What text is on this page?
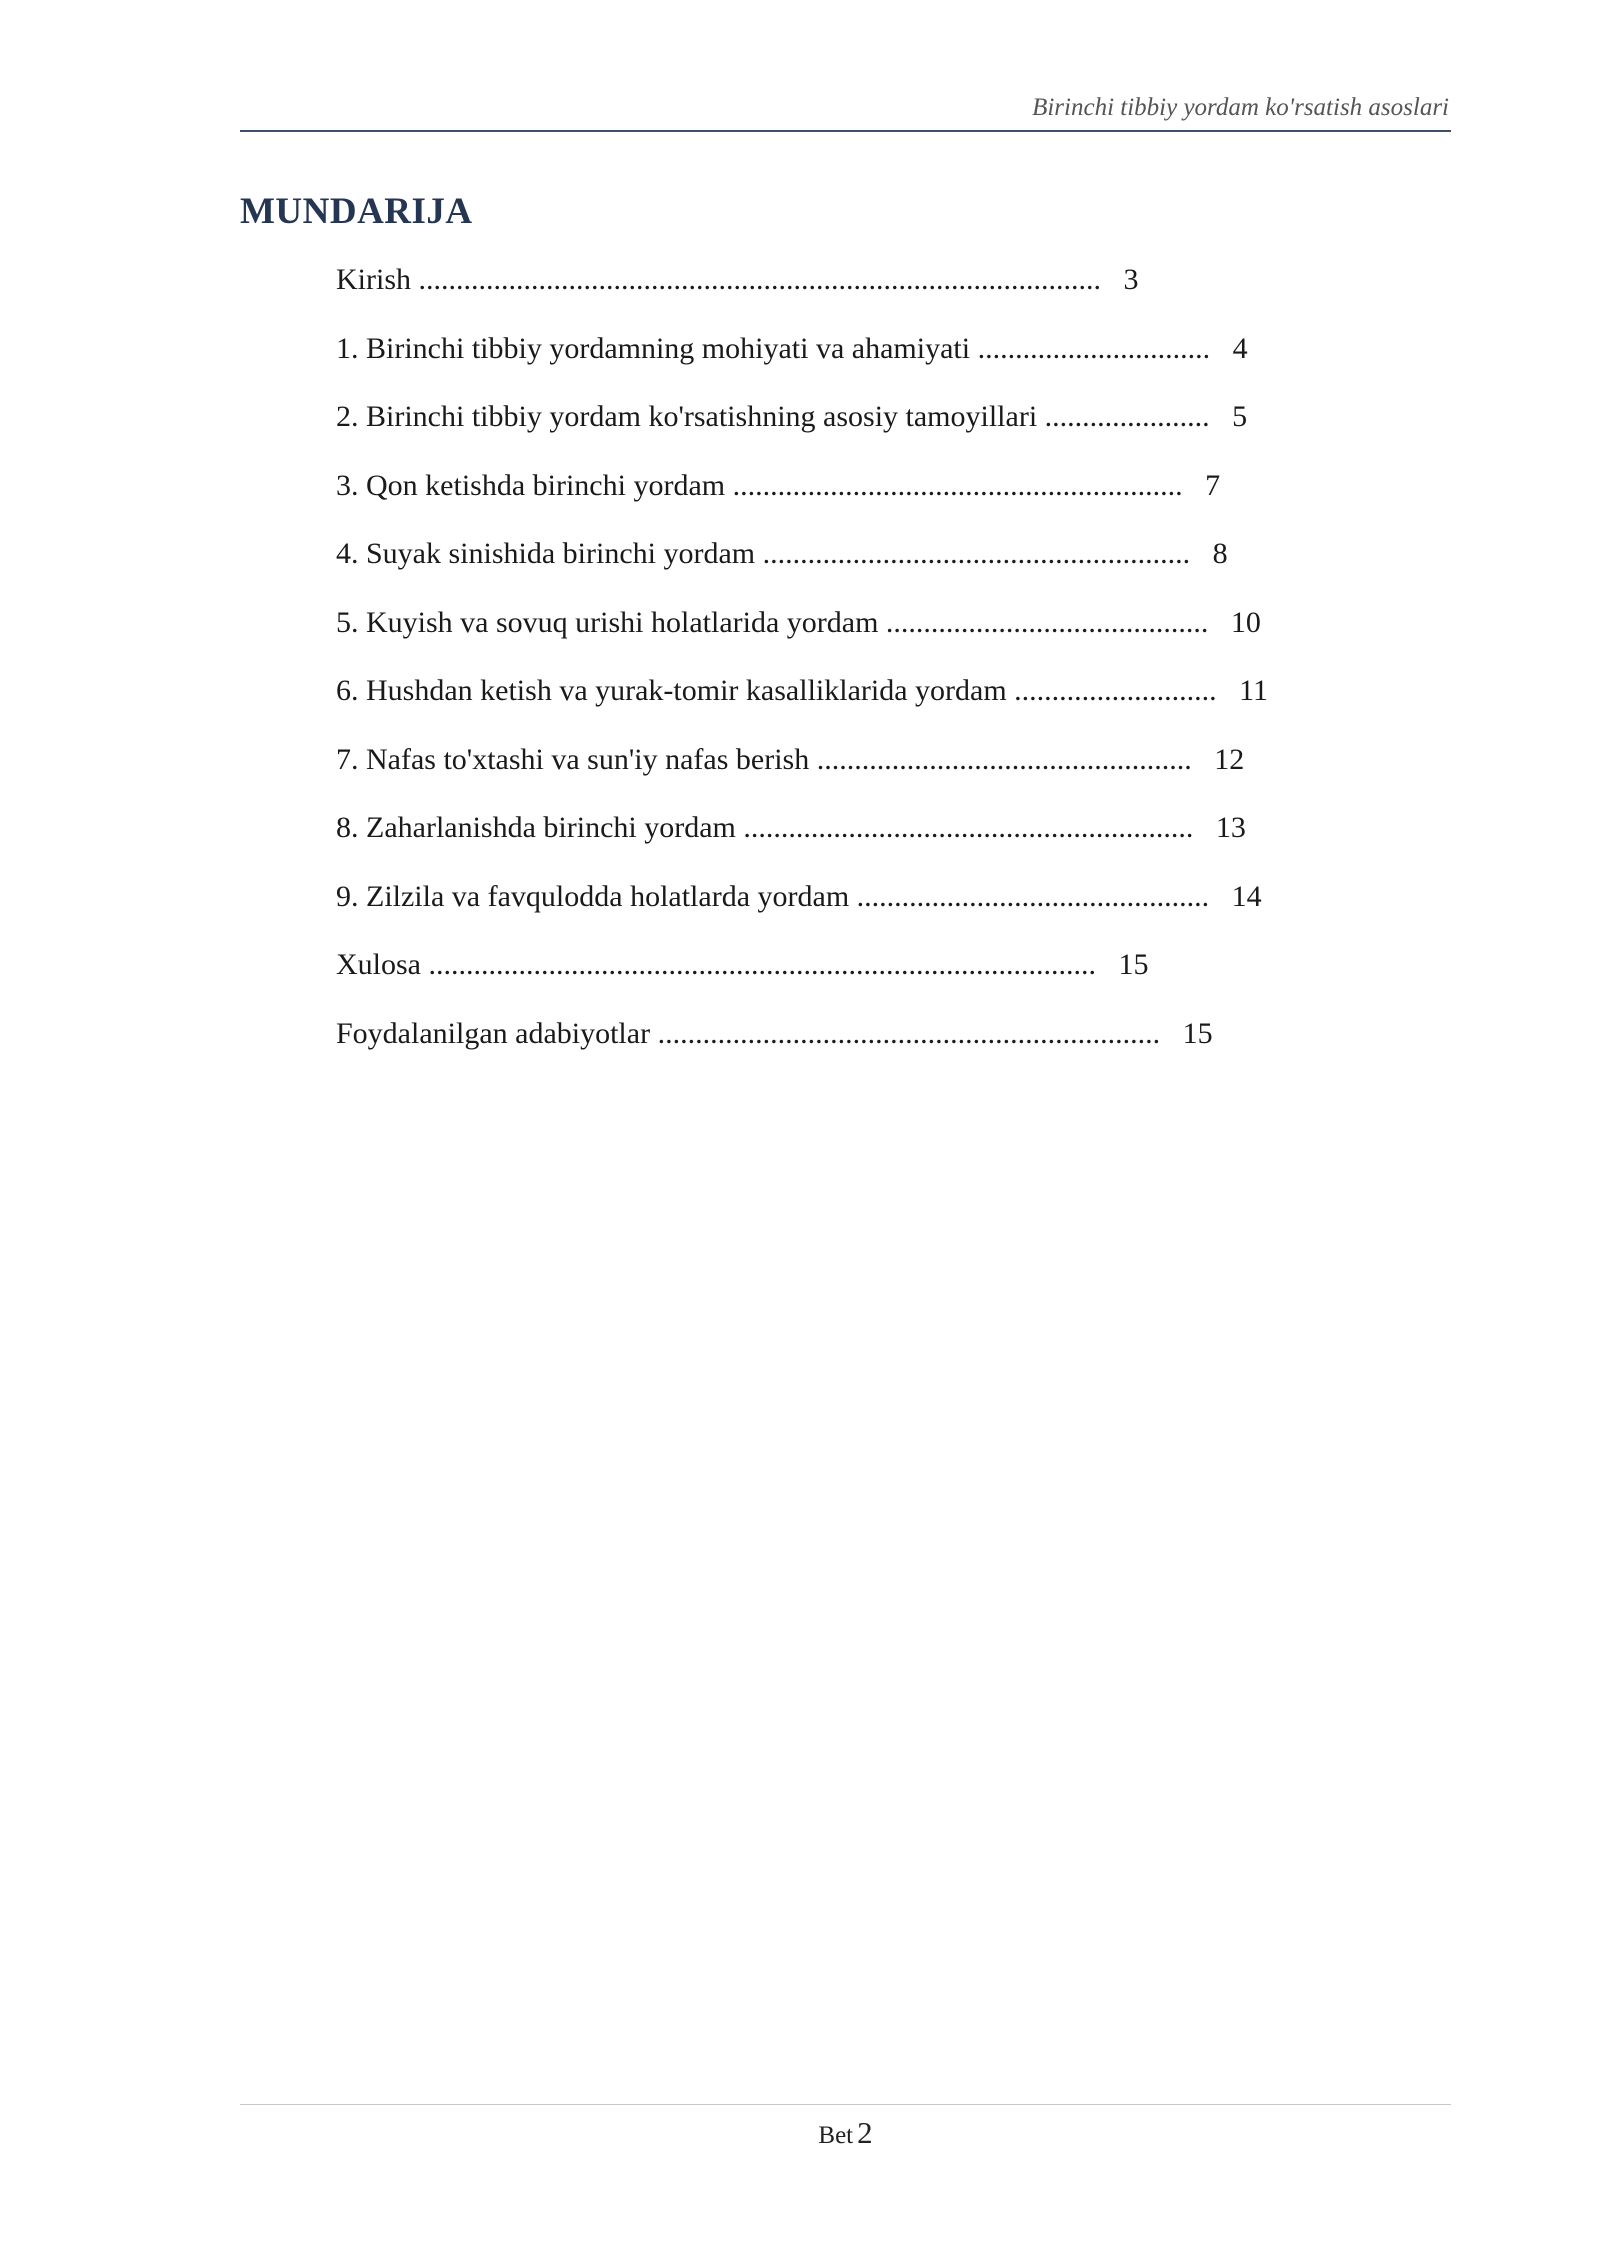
Birinchi tibbiy yordam ko'rsatish asoslari
MUNDARIJA
Kirish ........................................................................................... 3
1. Birinchi tibbiy yordamning mohiyati va ahamiyati ............................... 4
2. Birinchi tibbiy yordam ko'rsatishning asosiy tamoyillari ...................... 5
3. Qon ketishda birinchi yordam ............................................................ 7
4. Suyak sinishida birinchi yordam ......................................................... 8
5. Kuyish va sovuq urishi holatlarida yordam ........................................... 10
6. Hushdan ketish va yurak-tomir kasalliklarida yordam ........................... 11
7. Nafas to'xtashi va sun'iy nafas berish .................................................. 12
8. Zaharlanishda birinchi yordam ............................................................ 13
9. Zilzila va favqulodda holatlarda yordam ............................................... 14
Xulosa ......................................................................................... 15
Foydalanilgan adabiyotlar ................................................................... 15
Bet 2
